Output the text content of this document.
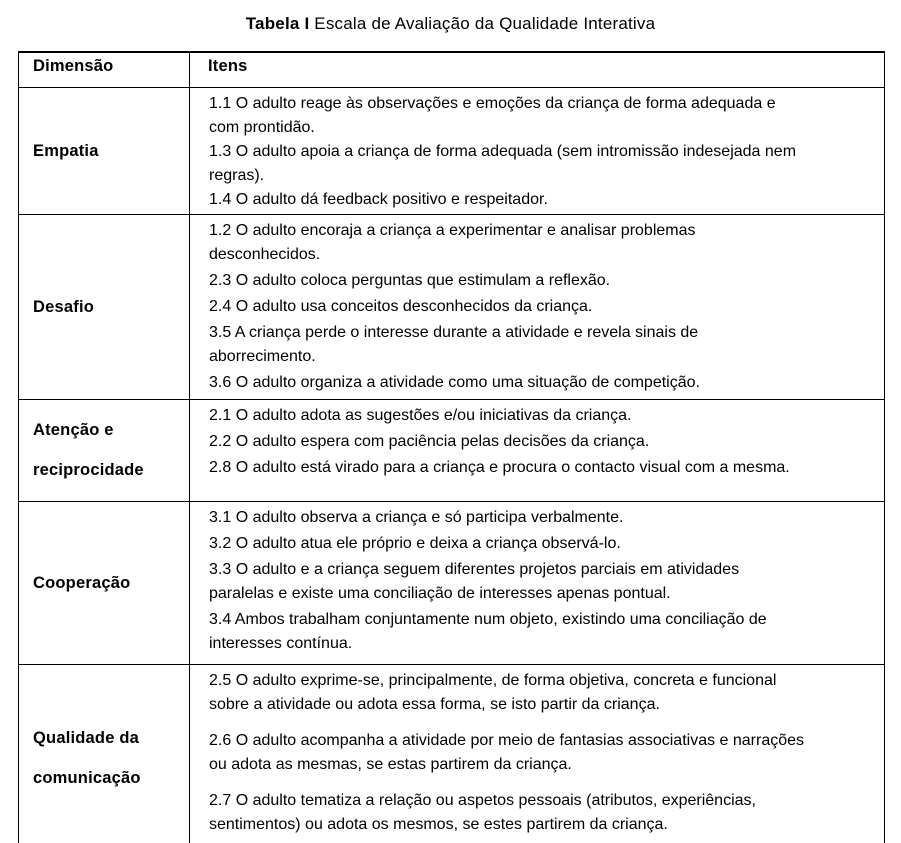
Tabela I Escala de Avaliação da Qualidade Interativa
Dimensão	Itens
Empatia	1.1 O adulto reage às observações e emoções da criança de forma adequada e com prontidão.

1.3 O adulto apoia a criança de forma adequada (sem intromissão indesejada nem regras).

1.4 O adulto dá feedback positivo e respeitador.

Desafio	1.2 O adulto encoraja a criança a experimentar e analisar problemas desconhecidos.

2.3 O adulto coloca perguntas que estimulam a reflexão.

2.4 O adulto usa conceitos desconhecidos da criança.

3.5 A criança perde o interesse durante a atividade e revela sinais de aborrecimento.

3.6 O adulto organiza a atividade como uma situação de competição.

Atenção e reciprocidade	2.1 O adulto adota as sugestões e/ou iniciativas da criança.

2.2 O adulto espera com paciência pelas decisões da criança.

2.8 O adulto está virado para a criança e procura o contacto visual com a mesma.

Cooperação	3.1 O adulto observa a criança e só participa verbalmente.

3.2 O adulto atua ele próprio e deixa a criança observá-lo.

3.3 O adulto e a criança seguem diferentes projetos parciais em atividades paralelas e existe uma conciliação de interesses apenas pontual.

3.4 Ambos trabalham conjuntamente num objeto, existindo uma conciliação de interesses contínua.

Qualidade da comunicação	2.5 O adulto exprime-se, principalmente, de forma objetiva, concreta e funcional sobre a atividade ou adota essa forma, se isto partir da criança.

2.6 O adulto acompanha a atividade por meio de fantasias associativas e narrações ou adota as mesmas, se estas partirem da criança.

2.7 O adulto tematiza a relação ou aspetos pessoais (atributos, experiências, sentimentos) ou adota os mesmos, se estes partirem da criança.
